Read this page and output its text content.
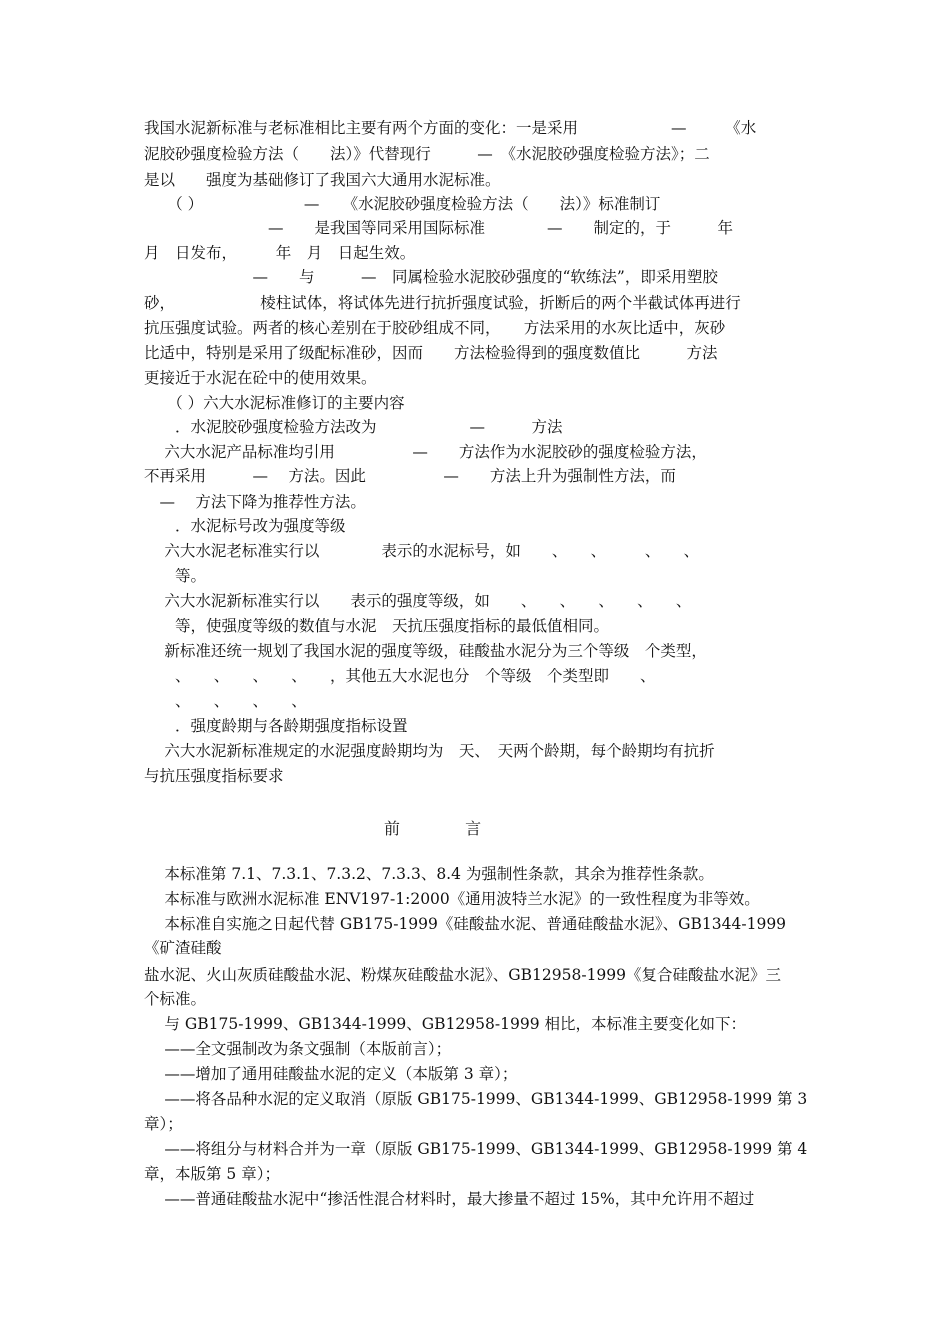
我国水泥新标准与老标准相比主要有两个方面的变化：一是采用　　　　　　—　　　《水
泥胶砂强度检验方法（　　法）》代替现行　　　—　《水泥胶砂强度检验方法》；二
是以　　强度为基础修订了我国六大通用水泥标准。
　　（ ）　　　　　　　—　　《水泥胶砂强度检验方法（　　法）》标准制订
　　　　　　　　—　　是我国等同采用国际标准　　　　—　　制定的，于　　　年
月　日发布，　　　年　月　日起生效。
　　　　　　　—　　与　　　—　同属检验水泥胶砂强度的“软练法”，即采用塑胶
砂，　　　　　　棱柱试体，将试体先进行抗折强度试验，折断后的两个半截试体再进行
抗压强度试验。两者的核心差别在于胶砂组成不同，　　方法采用的水灰比适中，灰砂
比适中，特别是采用了级配标准砂，因而　　方法检验得到的强度数值比　　　方法
更接近于水泥在砼中的使用效果。
　　（ ）六大水泥标准修订的主要内容
　　．水泥胶砂强度检验方法改为　　　　　　—　　　方法
　 六大水泥产品标准均引用　　　　　—　　方法作为水泥胶砂的强度检验方法，
不再采用　　　—　 方法。因此　　　　　—　　方法上升为强制性方法，而
　—　 方法下降为推荐性方法。
　　．水泥标号改为强度等级
　 六大水泥老标准实行以　　　　表示的水泥标号，如　　、　　、　　　、　　、
　　等。
　 六大水泥新标准实行以　　表示的强度等级，如　　、　　、　　、　　、　　、
　　等，使强度等级的数值与水泥　天抗压强度指标的最低值相同。
　 新标准还统一规划了我国水泥的强度等级，硅酸盐水泥分为三个等级　个类型，
　　、　　、　　、　　、　　，其他五大水泥也分　个等级　个类型即　　、
　　、　　、　　、　　、
　　．强度龄期与各龄期强度指标设置
　 六大水泥新标准规定的水泥强度龄期均为　天、　天两个龄期，每个龄期均有抗折
与抗压强度指标要求
前 言
　 本标准第 7.1、7.3.1、7.3.2、7.3.3、8.4 为强制性条款，其余为推荐性条款。
　 本标准与欧洲水泥标准 ENV197-1:2000《通用波特兰水泥》的一致性程度为非等效。
　 本标准自实施之日起代替 GB175-1999《硅酸盐水泥、普通硅酸盐水泥》、GB1344-1999
《矿渣硅酸
盐水泥、火山灰质硅酸盐水泥、粉煤灰硅酸盐水泥》、GB12958-1999《复合硅酸盐水泥》三
个标准。
　 与 GB175-1999、GB1344-1999、GB12958-1999 相比，本标准主要变化如下：
　 ——全文强制改为条文强制（本版前言）；
　 ——增加了通用硅酸盐水泥的定义（本版第 3 章）；
　 ——将各品种水泥的定义取消（原版 GB175-1999、GB1344-1999、GB12958-1999 第 3
章）；
　 ——将组分与材料合并为一章（原版 GB175-1999、GB1344-1999、GB12958-1999 第 4
章，本版第 5 章）；
　 ——普通硅酸盐水泥中“掺活性混合材料时，最大掺量不超过 15%，其中允许用不超过
